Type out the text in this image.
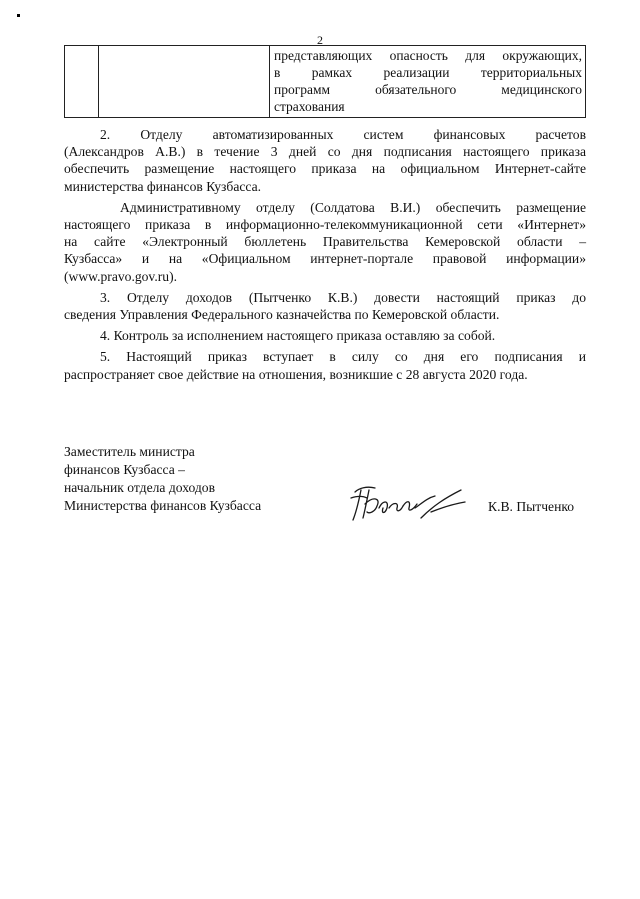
2

представляющих опасность для окружающих,
в рамках реализации территориальных
программ обязательного медицинского
страхования
2. Отделу автоматизированных систем финансовых расчетов
(Александров А.В.) в течение 3 дней со дня подписания настоящего приказа
обеспечить размещение настоящего приказа на официальном Интернет-сайте
министерства финансов Кузбасса.
Административному отделу (Солдатова В.И.) обеспечить размещение
настоящего приказа в информационно-телекоммуникационной сети «Интернет»
на сайте «Электронный бюллетень Правительства Кемеровской области –
Кузбасса» и на «Официальном интернет-портале правовой информации»
(www.pravo.gov.ru).
3. Отделу доходов (Пытченко К.В.) довести настоящий приказ до
сведения Управления Федерального казначейства по Кемеровской области.
4. Контроль за исполнением настоящего приказа оставляю за собой.
5. Настоящий приказ вступает в силу со дня его подписания и
распространяет свое действие на отношения, возникшие с 28 августа 2020 года.
Заместитель министра
финансов Кузбасса –
начальник отдела доходов
Министерства финансов Кузбасса	К.В. Пытченко
